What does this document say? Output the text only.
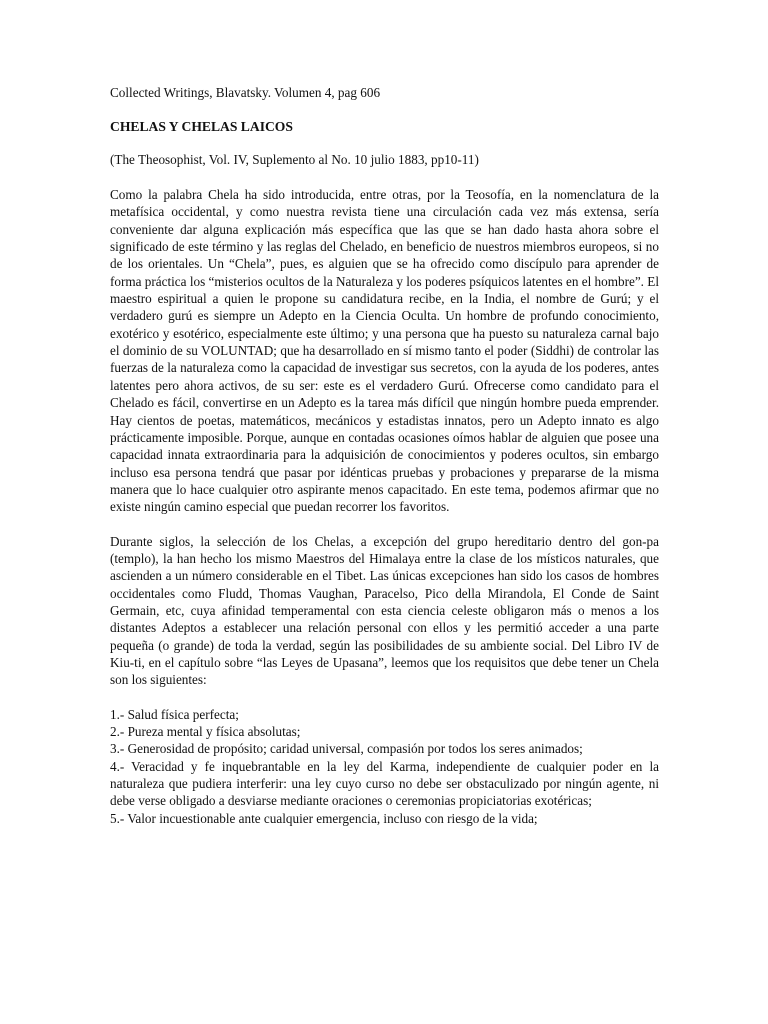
Collected Writings, Blavatsky. Volumen 4, pag 606

CHELAS Y CHELAS LAICOS

(The Theosophist, Vol. IV, Suplemento al No. 10 julio 1883, pp10-11)

Como la palabra Chela ha sido introducida, entre otras, por la Teosofía, en la nomenclatura de la metafísica occidental, y como nuestra revista tiene una circulación cada vez más extensa, sería conveniente dar alguna explicación más específica que las que se han dado hasta ahora sobre el significado de este término y las reglas del Chelado, en beneficio de nuestros miembros europeos, si no de los orientales. Un “Chela”, pues, es alguien que se ha ofrecido como discípulo para aprender de forma práctica los “misterios ocultos de la Naturaleza y los poderes psíquicos latentes en el hombre”. El maestro espiritual a quien le propone su candidatura recibe, en la India, el nombre de Gurú; y el verdadero gurú es siempre un Adepto en la Ciencia Oculta. Un hombre de profundo conocimiento, exotérico y esotérico, especialmente este último; y una persona que ha puesto su naturaleza carnal bajo el dominio de su VOLUNTAD; que ha desarrollado en sí mismo tanto el poder (Siddhi) de controlar las fuerzas de la naturaleza como la capacidad de investigar sus secretos, con la ayuda de los poderes, antes latentes pero ahora activos, de su ser: este es el verdadero Gurú. Ofrecerse como candidato para el Chelado es fácil, convertirse en un Adepto es la tarea más difícil que ningún hombre pueda emprender. Hay cientos de poetas, matemáticos, mecánicos y estadistas innatos, pero un Adepto innato es algo prácticamente imposible. Porque, aunque en contadas ocasiones oímos hablar de alguien que posee una capacidad innata extraordinaria para la adquisición de conocimientos y poderes ocultos, sin embargo incluso esa persona tendrá que pasar por idénticas pruebas y probaciones y prepararse de la misma manera que lo hace cualquier otro aspirante menos capacitado. En este tema, podemos afirmar que no existe ningún camino especial que puedan recorrer los favoritos.

Durante siglos, la selección de los Chelas, a excepción del grupo hereditario dentro del gon-pa (templo), la han hecho los mismo Maestros del Himalaya entre la clase de los místicos naturales, que ascienden a un número considerable en el Tibet. Las únicas excepciones han sido los casos de hombres occidentales como Fludd, Thomas Vaughan, Paracelso, Pico della Mirandola, El Conde de Saint Germain, etc, cuya afinidad temperamental con esta ciencia celeste obligaron más o menos a los distantes Adeptos a establecer una relación personal con ellos y les permitió acceder a una parte pequeña (o grande) de toda la verdad, según las posibilidades de su ambiente social. Del Libro IV de Kiu-ti, en el capítulo sobre “las Leyes de Upasana”, leemos que los requisitos que debe tener un Chela son los siguientes:

1.- Salud física perfecta;
2.- Pureza mental y física absolutas;
3.- Generosidad de propósito; caridad universal, compasión por todos los seres animados;
4.- Veracidad y fe inquebrantable en la ley del Karma, independiente de cualquier poder en la naturaleza que pudiera interferir: una ley cuyo curso no debe ser obstaculizado por ningún agente, ni debe verse obligado a desviarse mediante oraciones o ceremonias propiciatorias exotéricas;
5.- Valor incuestionable ante cualquier emergencia, incluso con riesgo de la vida;
